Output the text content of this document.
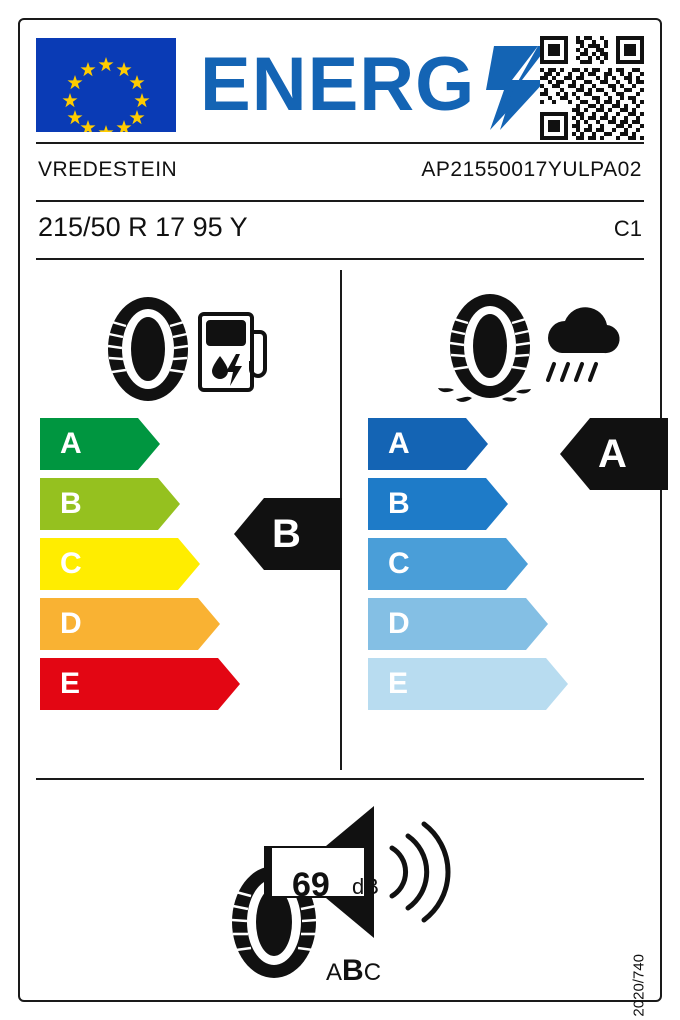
ENERG
VREDESTEIN	AP21550017YULPA02
215/50 R 17 95 Y	C1
A
B
C
D
E
A
B
C
D
E
B
A
69 dB
ABC	2020/740
